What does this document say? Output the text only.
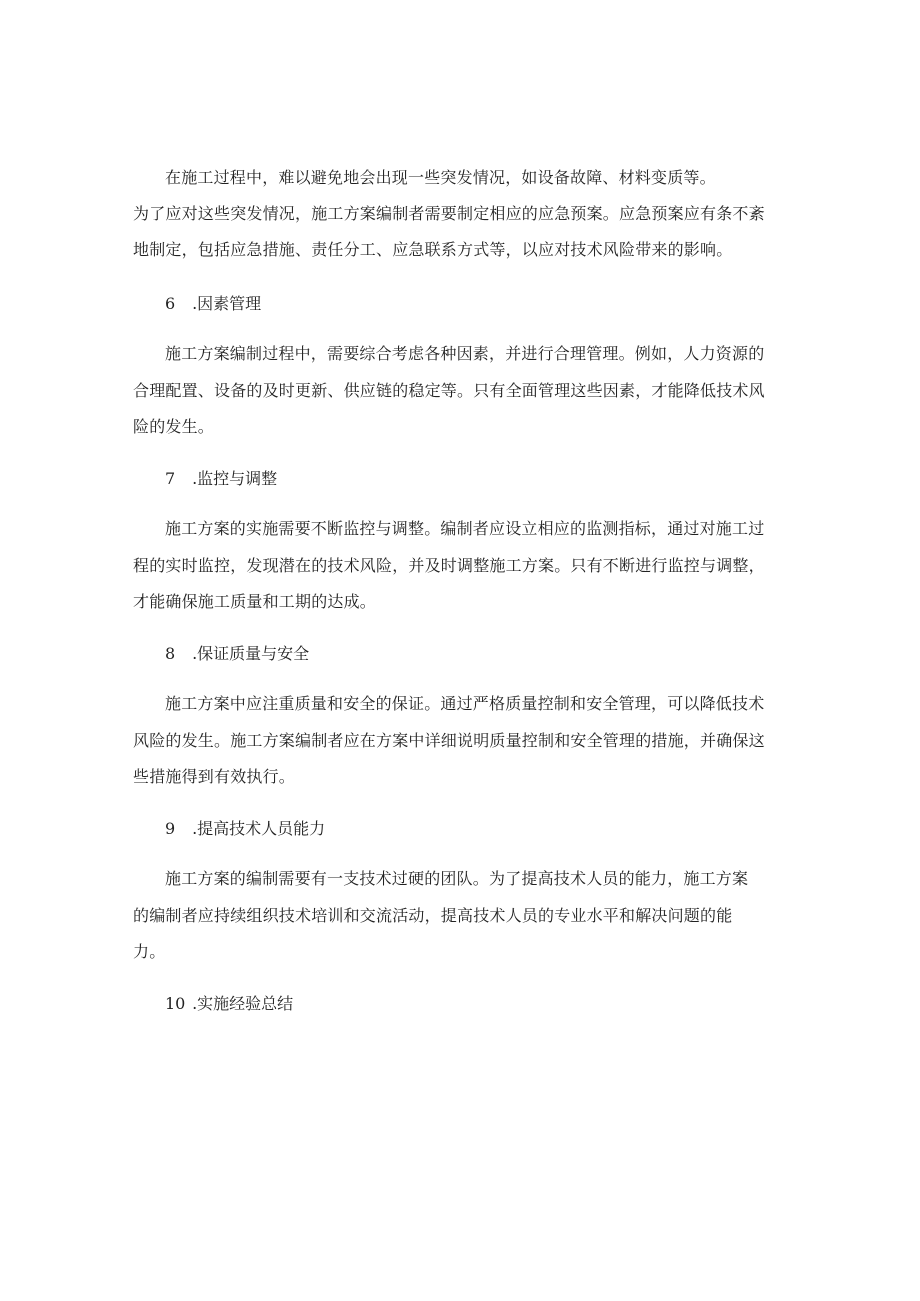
在施工过程中，难以避免地会出现一些突发情况，如设备故障、材料变质等。
为了应对这些突发情况，施工方案编制者需要制定相应的应急预案。应急预案应有条不紊
地制定，包括应急措施、责任分工、应急联系方式等，以应对技术风险带来的影响。
6 .因素管理
施工方案编制过程中，需要综合考虑各种因素，并进行合理管理。例如，人力资源的
合理配置、设备的及时更新、供应链的稳定等。只有全面管理这些因素，才能降低技术风
险的发生。
7 .监控与调整
施工方案的实施需要不断监控与调整。编制者应设立相应的监测指标，通过对施工过
程的实时监控，发现潜在的技术风险，并及时调整施工方案。只有不断进行监控与调整，
才能确保施工质量和工期的达成。
8 .保证质量与安全
施工方案中应注重质量和安全的保证。通过严格质量控制和安全管理，可以降低技术
风险的发生。施工方案编制者应在方案中详细说明质量控制和安全管理的措施，并确保这
些措施得到有效执行。
9 .提高技术人员能力
施工方案的编制需要有一支技术过硬的团队。为了提高技术人员的能力，施工方案
的编制者应持续组织技术培训和交流活动，提高技术人员的专业水平和解决问题的能
力。
10 .实施经验总结
